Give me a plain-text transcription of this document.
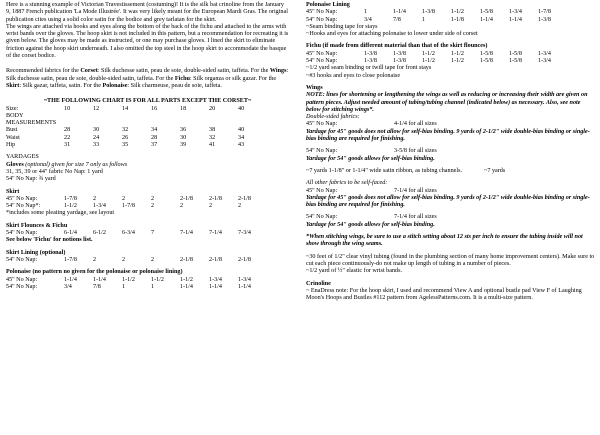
Here is a stunning example of Victorian Travestissement (costuming)! It is the silk bat crinoline from the January 9, 1887 French publication 'La Mode Illustrée'. It was very likely meant for the European Mardi Gras. The original publication cites using a solid color satin for the bodice and grey tarlatan for the skirt.

The wings are attached via hooks and eyes along the bottom of the back of the fichu and attached to the arms with wrist bands over the gloves. The hoop skirt is not included in this pattern, but a recommendation for recreating it is given below. The gloves may be made as instructed, or one may purchase gloves. I lined the skirt to eliminate friction against the hoop skirt underneath. I also omitted the top steel in the hoop skirt to accommodate the basque of the corset bodice.

Recommended fabrics for the Corset: Silk duchesse satin, peau de soie, double-sided satin, taffeta. For the Wings: Silk duchesse satin, peau de soie, double-sided satin, taffeta. For the Fichu: Silk organza or silk gazar. For the Skirt: Silk gazar, taffeta, satin. For the Polonaise: Silk charmeuse, peau de soie, taffeta.

~THE FOLLOWING CHART IS FOR ALL PARTS EXCEPT THE CORSET~

Size:	10	12	14	16	18	20	40
BODY							
MEASUREMENTS							
Bust	28	30	32	34	36	38	40
Waist	22	24	26	28	30	32	34
Hip	31	33	35	37	39	41	43

YARDAGES

Gloves (optional) given for size 7 only as follows

31, 35, 39 or 44" fabric No Nap: 1 yard

54" No Nap: ¾ yard

Skirt

45" No Nap:	1-7/8	2	2	2	2-1/8	2-1/8	2-1/8
54" No Nap*:	1-1/2	1-3/4	1-7/8	2	2	2	2

*includes some pleating yardage, see layout

Skirt Flounces & Fichu

54" No Nap:	6-1/4	6-1/2	6-3/4	7	7-1/4	7-1/4	7-3/4

See below 'Fichu' for notions list.

Skirt Lining (optional)

54" No Nap:	1-7/8	2	2	2	2-1/8	2-1/8	2-1/8

Polonaise (no pattern no given for the polonaise or polonaise lining)

45" No Nap:	1-1/4	1-1/4	1-1/2	1-1/2	1-1/2	1-3/4	1-3/4
54" No Nap:	3/4	7/8	1	1	1-1/4	1-1/4	1-1/4

Polonaise Lining

45" No Nap:	1	1-1/4	1-3/8	1-1/2	1-5/8	1-3/4	1-7/8
54" No Nap:	3/4	7/8	1	1-1/8	1-1/4	1-1/4	1-3/8

~Seam binding tape for stays

~Hooks and eyes for attaching polonaise to lower under side of corset

Fichu (if made from different material than that of the skirt flounces)

45" No Nap:	1-3/8	1-3/8	1-1/2	1-1/2	1-5/8	1-5/8	1-3/4
54" No Nap:	1-3/8	1-3/8	1-1/2	1-1/2	1-5/8	1-5/8	1-3/4

~1/2 yard seam binding or twill tape for front stays

~#3 hooks and eyes to close polonaise

Wings

NOTE: lines for shortening or lengthening the wings as well as reducing or increasing their width are given on pattern pieces. Adjust needed amount of tubing/tubing channel (indicated below) as necessary. Also, see note below for stitching wings*.

Double-sided fabrics:

45" No Nap:	4-1/4 for all sizes

Yardage for 45" goods does not allow for self-bias binding. 9 yards of 2-1/2" wide double-bias binding or single-bias binding are required for finishing.

54" No Nap:	3-5/8 for all sizes

Yardage for 54" goods allows for self-bias binding.

~7 yards 1-1/8" or 1-1/4" wide satin ribbon, as tubing channels.	~7 yards

All other fabrics to be self-faced:

45" No Nap:	7-1/4 for all sizes

Yardage for 45" goods does not allow for self-bias binding. 9 yards of 2-1/2" wide double-bias binding or single-bias binding are required for finishing.

54" No Nap:	7-1/4 for all sizes

Yardage for 54" goods allows for self-bias binding.

*When stitching wings, be sure to use a stitch setting about 12 sts per inch to ensure the tubing inside will not show through the wing seams.

~30 feet of 1/2" clear vinyl tubing (found in the plumbing section of many home improvement centers). Make sure to cut each piece continuously-do not make up length of tubing in a number of pieces.

~1/2 yard of ½" elastic for wrist bands.

Crinoline

~ EnaDress note: For the hoop skirt, I used and recommend View A and optional bustle pad View F of Laughing Moon's Hoops and Bustles #112 pattern from AgelessPatterns.com. It is a multi-size pattern.
